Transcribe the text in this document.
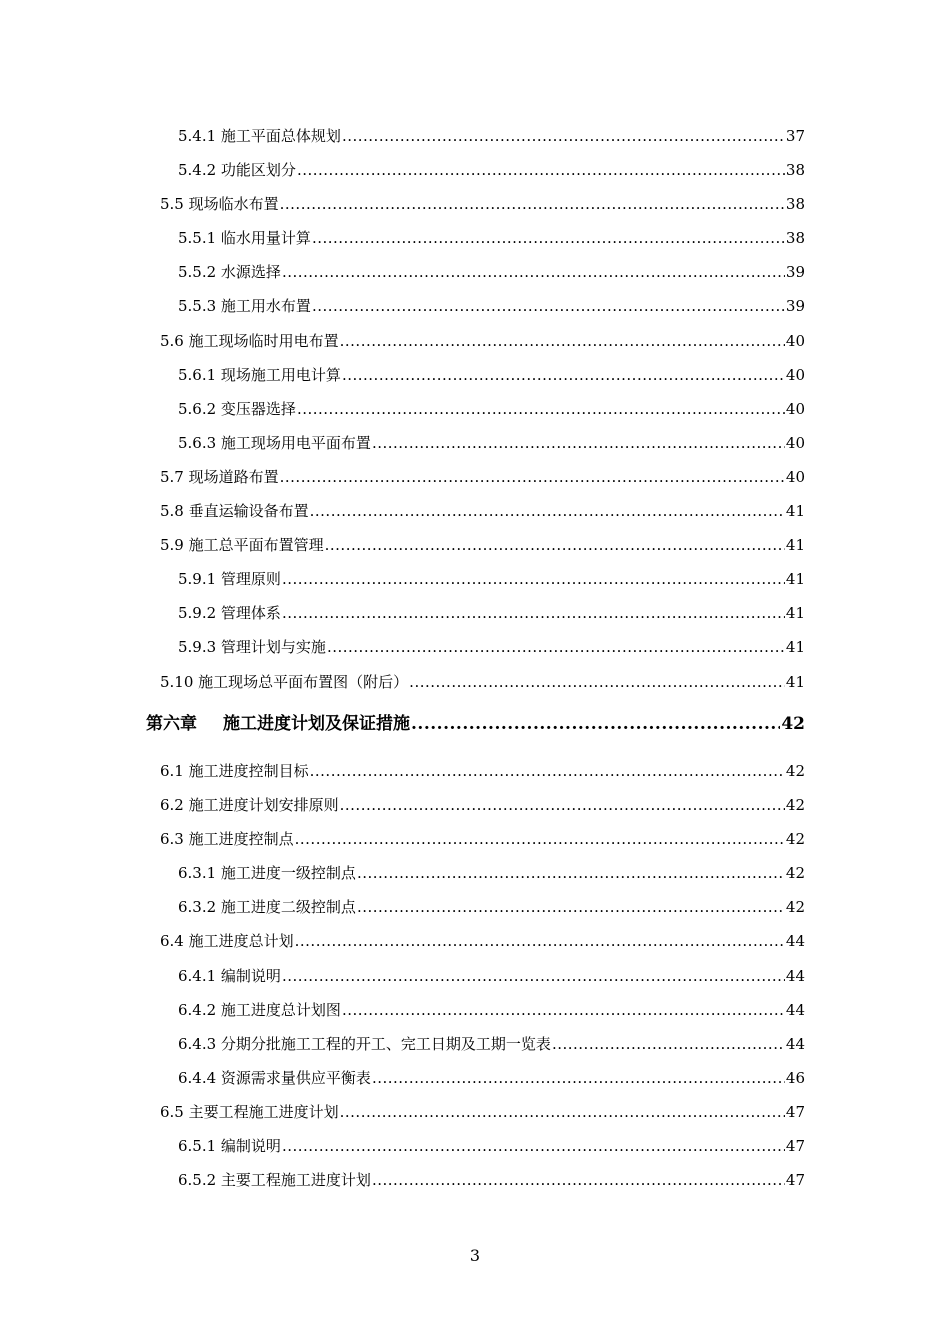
5.4.1 施工平面总体规划 .....	37
5.4.2 功能区划分 .....	38
5.5 现场临水布置 .....	38
5.5.1 临水用量计算 .....	38
5.5.2 水源选择 .....	39
5.5.3 施工用水布置 .....	39
5.6 施工现场临时用电布置 .....	40
5.6.1 现场施工用电计算 .....	40
5.6.2 变压器选择 .....	40
5.6.3 施工现场用电平面布置 .....	40
5.7 现场道路布置 .....	40
5.8 垂直运输设备布置 .....	41
5.9 施工总平面布置管理 .....	41
5.9.1 管理原则 .....	41
5.9.2 管理体系 .....	41
5.9.3 管理计划与实施 .....	41
5.10 施工现场总平面布置图（附后） .....	41
第六章 施工进度计划及保证措施 .....	42
6.1 施工进度控制目标 .....	42
6.2 施工进度计划安排原则 .....	42
6.3 施工进度控制点 .....	42
6.3.1 施工进度一级控制点 .....	42
6.3.2 施工进度二级控制点 .....	42
6.4 施工进度总计划 .....	44
6.4.1 编制说明 .....	44
6.4.2 施工进度总计划图 .....	44
6.4.3 分期分批施工工程的开工、完工日期及工期一览表 .....	44
6.4.4 资源需求量供应平衡表 .....	46
6.5 主要工程施工进度计划 .....	47
6.5.1 编制说明 .....	47
6.5.2 主要工程施工进度计划 .....	47
3
